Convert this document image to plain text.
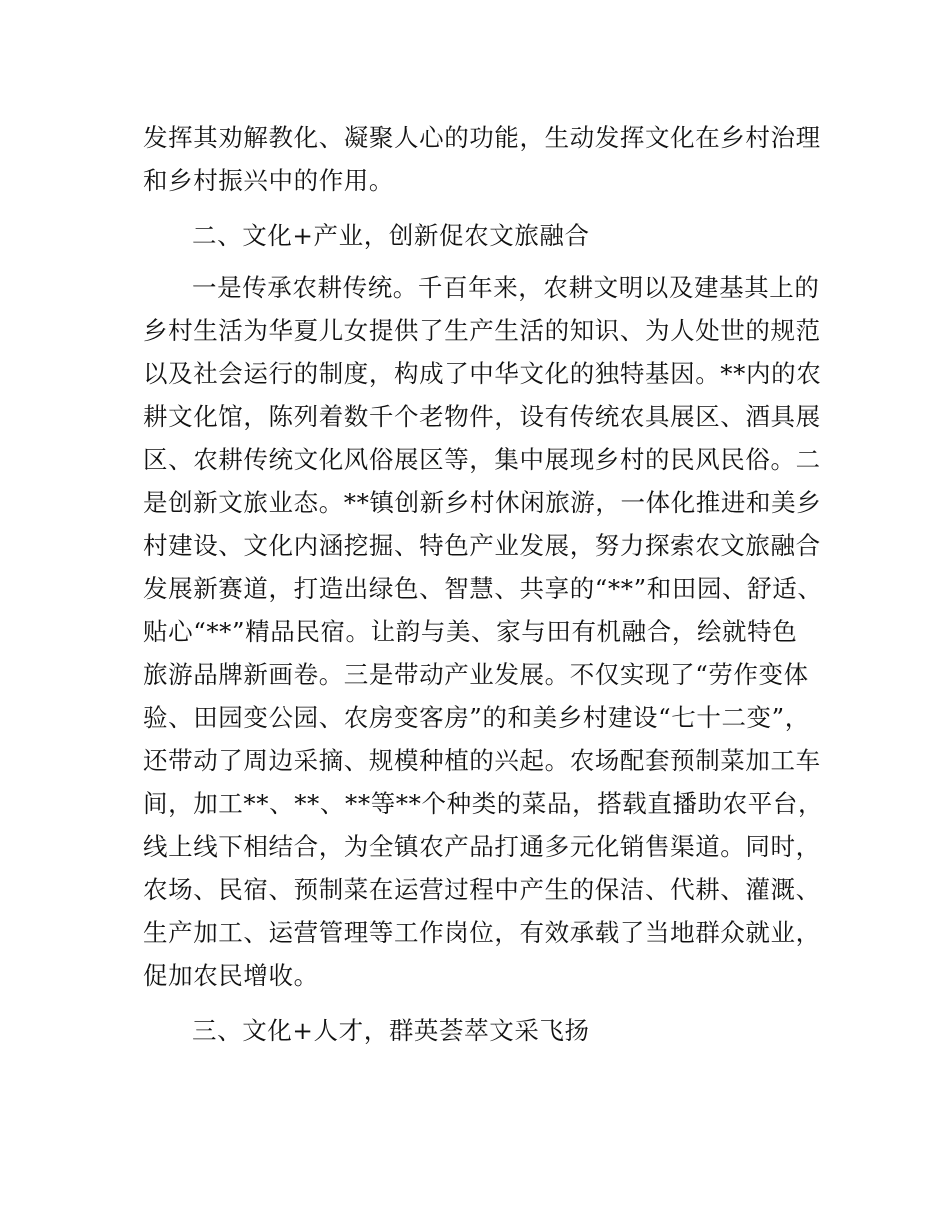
发挥其劝解教化、凝聚人心的功能，生动发挥文化在乡村治理
和乡村振兴中的作用。
二、文化+产业，创新促农文旅融合
一是传承农耕传统。千百年来，农耕文明以及建基其上的
乡村生活为华夏儿女提供了生产生活的知识、为人处世的规范
以及社会运行的制度，构成了中华文化的独特基因。**内的农
耕文化馆，陈列着数千个老物件，设有传统农具展区、酒具展
区、农耕传统文化风俗展区等，集中展现乡村的民风民俗。二
是创新文旅业态。**镇创新乡村休闲旅游，一体化推进和美乡
村建设、文化内涵挖掘、特色产业发展，努力探索农文旅融合
发展新赛道，打造出绿色、智慧、共享的“**”和田园、舒适、
贴心“**”精品民宿。让韵与美、家与田有机融合，绘就特色
旅游品牌新画卷。三是带动产业发展。不仅实现了“劳作变体
验、田园变公园、农房变客房”的和美乡村建设“七十二变”，
还带动了周边采摘、规模种植的兴起。农场配套预制菜加工车
间，加工**、**、**等**个种类的菜品，搭载直播助农平台，
线上线下相结合，为全镇农产品打通多元化销售渠道。同时，
农场、民宿、预制菜在运营过程中产生的保洁、代耕、灌溉、
生产加工、运营管理等工作岗位，有效承载了当地群众就业，
促加农民增收。
三、文化+人才，群英荟萃文采飞扬
